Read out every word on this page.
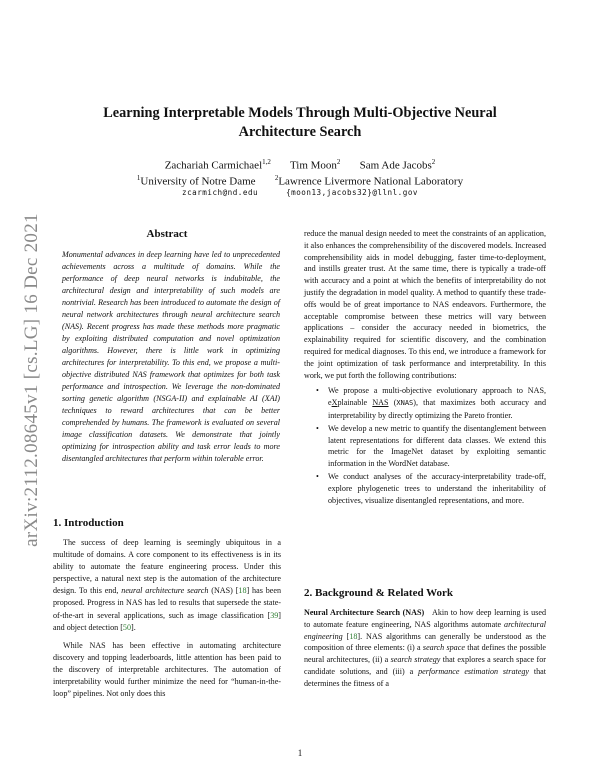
arXiv:2112.08645v1 [cs.LG] 16 Dec 2021
Learning Interpretable Models Through Multi-Objective Neural Architecture Search
Zachariah Carmichael$^{1,2}$ Tim Moon$^2$ Sam Ade Jacobs$^2$
$^1$University of Notre Dame	$^2$Lawrence Livermore National Laboratory
zcarmich@nd.edu	{moon13,jacobs32}@llnl.gov
Abstract
Monumental advances in deep learning have led to unprecedented achievements across a multitude of domains. While the performance of deep neural networks is indubitable, the architectural design and interpretability of such models are nontrivial. Research has been introduced to automate the design of neural network architectures through neural architecture search (NAS). Recent progress has made these methods more pragmatic by exploiting distributed computation and novel optimization algorithms. However, there is little work in optimizing architectures for interpretability. To this end, we propose a multi-objective distributed NAS framework that optimizes for both task performance and introspection. We leverage the non-dominated sorting genetic algorithm (NSGA-II) and explainable AI (XAI) techniques to reward architectures that can be better comprehended by humans. The framework is evaluated on several image classification datasets. We demonstrate that jointly optimizing for introspection ability and task error leads to more disentangled architectures that perform within tolerable error.
1. Introduction

The success of deep learning is seemingly ubiquitous in a multitude of domains. A core component to its effectiveness is in its ability to automate the feature engineering process. Under this perspective, a natural next step is the automation of the architecture design. To this end, neural architecture search (NAS) [18] has been proposed. Progress in NAS has led to results that supersede the state-of-the-art in several applications, such as image classification [39] and object detection [50].

While NAS has been effective in automating architecture discovery and topping leaderboards, little attention has been paid to the discovery of interpretable architectures. The automation of interpretability would further minimize the need for “human-in-the-loop” pipelines. Not only does this

reduce the manual design needed to meet the constraints of an application, it also enhances the comprehensibility of the discovered models. Increased comprehensibility aids in model debugging, faster time-to-deployment, and instills greater trust. At the same time, there is typically a trade-off with accuracy and a point at which the benefits of interpretability do not justify the degradation in model quality. A method to quantify these trade-offs would be of great importance to NAS endeavors. Furthermore, the acceptable compromise between these metrics will vary between applications – consider the accuracy needed in biometrics, the explainability required for scientific discovery, and the combination required for medical diagnoses. To this end, we introduce a framework for the joint optimization of task performance and interpretability. In this work, we put forth the following contributions:

• We propose a multi-objective evolutionary approach to NAS, eXplainable NAS (XNAS), that maximizes both accuracy and interpretability by directly optimizing the Pareto frontier.
• We develop a new metric to quantify the disentanglement between latent representations for different data classes. We extend this metric for the ImageNet dataset by exploiting semantic information in the WordNet database.
• We conduct analyses of the accuracy-interpretability trade-off, explore phylogenetic trees to understand the inheritability of objectives, visualize disentangled representations, and more.
2. Background & Related Work
Neural Architecture Search (NAS) Akin to how deep learning is used to automate feature engineering, NAS algorithms automate architectural engineering [18]. NAS algorithms can generally be understood as the composition of three elements: (i) a search space that defines the possible neural architectures, (ii) a search strategy that explores a search space for candidate solutions, and (iii) a performance estimation strategy that determines the fitness of a
1
